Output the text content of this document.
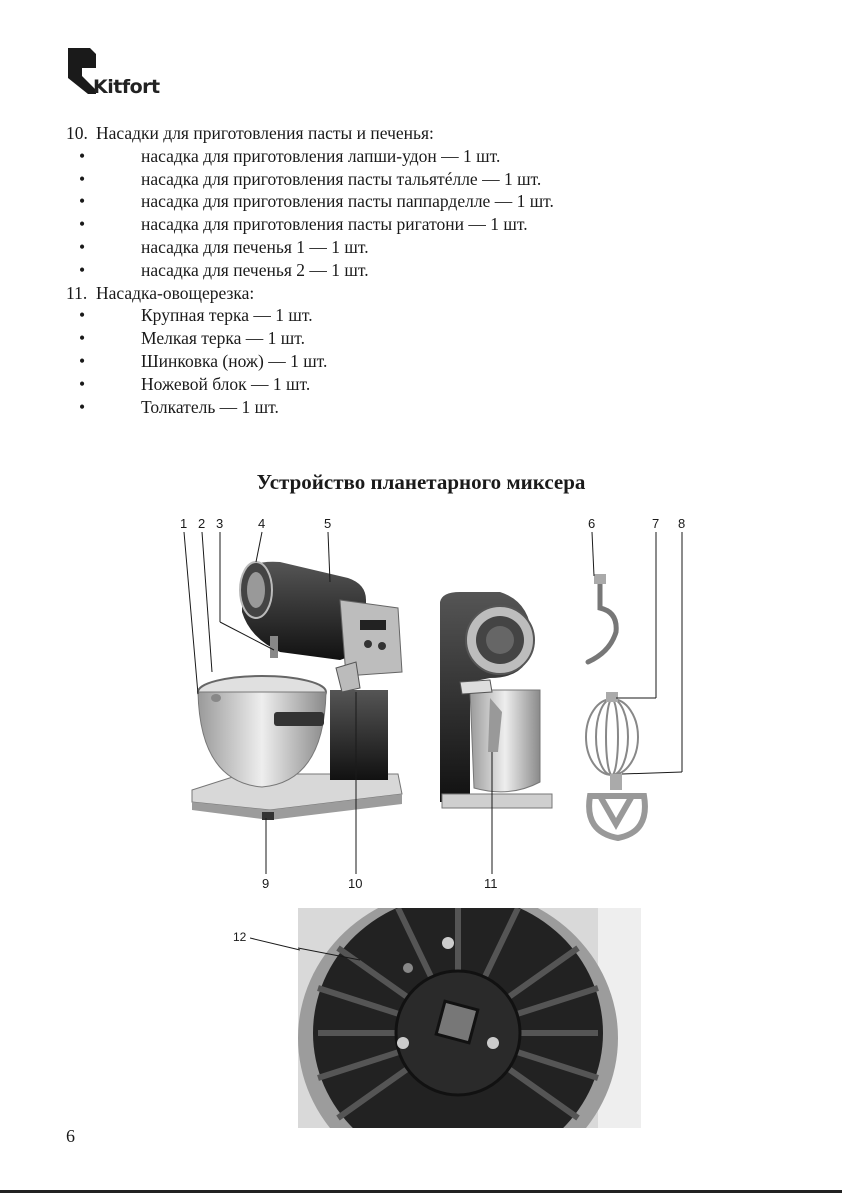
Kitfort
10. Насадки для приготовления пасты и печенья:
•	насадка для приготовления лапши-удон — 1 шт.
•	насадка для приготовления пасты тальятéлле — 1 шт.
•	насадка для приготовления пасты паппарделле — 1 шт.
•	насадка для приготовления пасты ригатони — 1 шт.
•	насадка для печенья 1 — 1 шт.
•	насадка для печенья 2 — 1 шт.
11. Насадка-овощерезка:
•	Крупная терка — 1 шт.
•	Мелкая терка — 1 шт.
•	Шинковка (нож) — 1 шт.
•	Ножевой блок — 1 шт.
•	Толкатель — 1 шт.
Устройство планетарного миксера
1 2 3	4	5	6	7 8
9	10	11
12
6
